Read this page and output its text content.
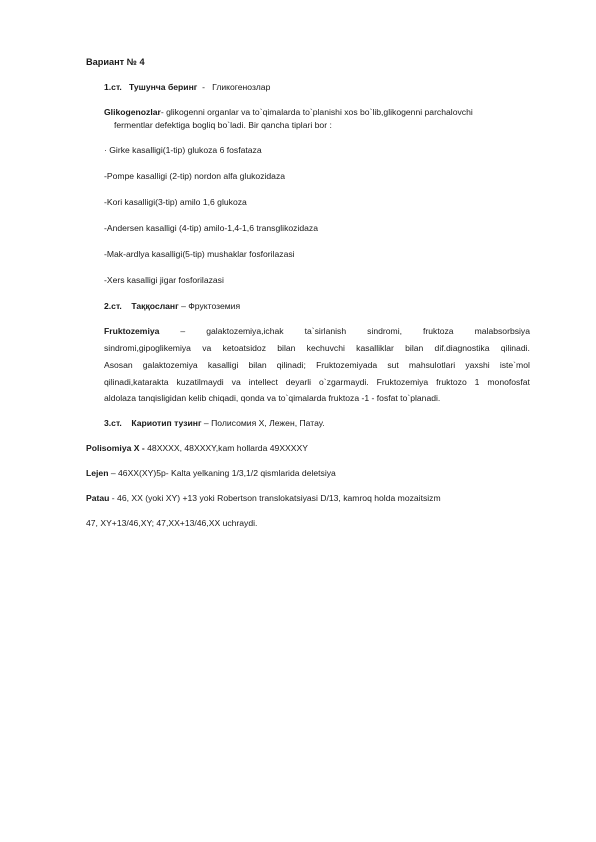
Вариант № 4
1.ст. Тушунча беринг  -   Гликогенозлар
Glikogenozlar- glikogenni organlar va to`qimalarda to`planishi xos bo`lib,glikogenni parchalovchi
fermentlar defektiga bogliq bo`ladi. Bir qancha tiplari bor :
· Girke kasalligi(1-tip) glukoza 6 fosfataza
-Pompe kasalligi (2-tip) nordon alfa glukozidaza
-Kori kasalligi(3-tip) amilo 1,6 glukoza
-Andersen kasalligi (4-tip) amilo-1,4-1,6 transglikozidaza
-Mak-ardlya kasalligi(5-tip) mushaklar fosforilazasi
-Xers kasalligi jigar fosforilazasi
2.ст. Таққосланг – Фруктоземия
Fruktozemiya – galaktozemiya,ichak ta`sirlanish sindromi, fruktoza malabsorbsiya
sindromi,gipoglikemiya va ketoatsidoz bilan kechuvchi kasalliklar bilan dif.diagnostika qilinadi.
Asosan galaktozemiya kasalligi bilan qilinadi; Fruktozemiyada sut mahsulotlari yaxshi iste`mol
qilinadi,katarakta kuzatilmaydi va intellect deyarli o`zgarmaydi. Fruktozemiya fruktozo 1 monofosfat
aldolaza tanqisligidan kelib chiqadi, qonda va to`qimalarda fruktoza -1 - fosfat to`planadi.
3.ст. Кариотип тузинг – Полисомия Х, Лежен, Патау.
Polisomiya X - 48XXXX, 48XXXY,kam hollarda 49XXXXY
Lejen – 46XX(XY)5p- Kalta yelkaning 1/3,1/2 qismlarida deletsiya
Patau - 46, XX (yoki XY) +13 yoki Robertson translokatsiyasi D/13, kamroq holda mozaitsizm
47, XY+13/46,XY; 47,XX+13/46,XX uchraydi.
